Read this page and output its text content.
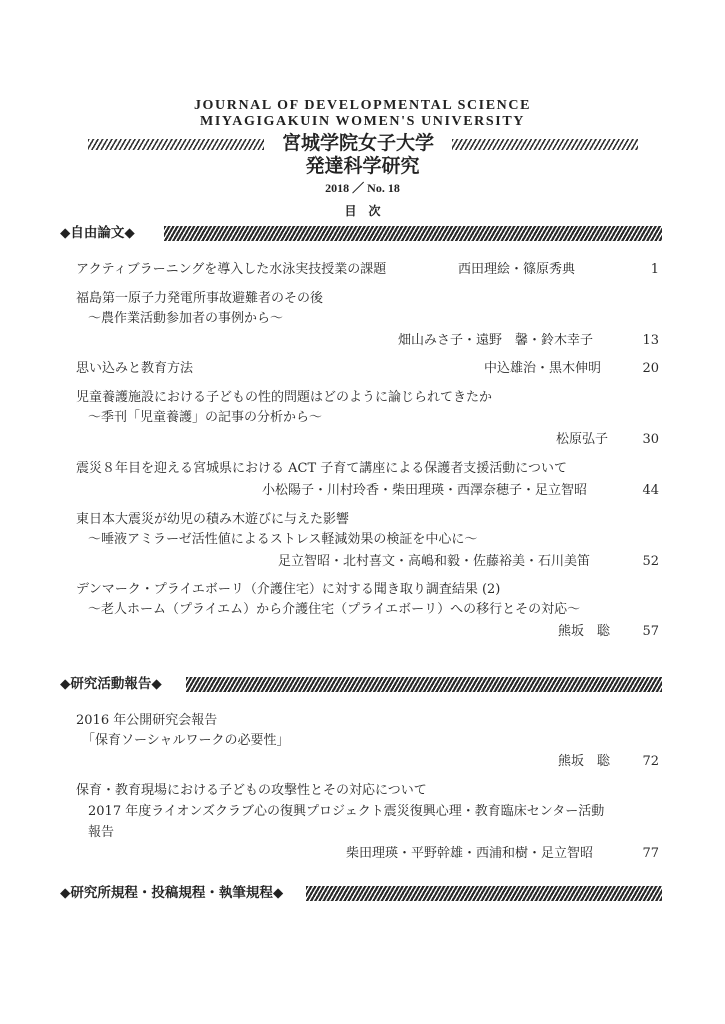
JOURNAL OF DEVELOPMENTAL SCIENCE
MIYAGIGAKUIN WOMEN'S UNIVERSITY
宮城学院女子大学
発達科学研究
2018 ／ No. 18
目　次
◆自由論文◆
アクティブラーニングを導入した水泳実技授業の課題	西田理絵・篠原秀典	1
福島第一原子力発電所事故避難者のその後
～農作業活動参加者の事例から～
畑山みさ子・遠野　馨・鈴木幸子	13
思い込みと教育方法	中込雄治・黒木伸明	20
児童養護施設における子どもの性的問題はどのように論じられてきたか
～季刊「児童養護」の記事の分析から～
松原弘子	30
震災８年目を迎える宮城県における ACT 子育て講座による保護者支援活動について
小松陽子・川村玲香・柴田理瑛・西澤奈穂子・足立智昭	44
東日本大震災が幼児の積み木遊びに与えた影響
～唾液アミラーゼ活性値によるストレス軽減効果の検証を中心に～
足立智昭・北村喜文・高嶋和毅・佐藤裕美・石川美笛	52
デンマーク・プライエボーリ（介護住宅）に対する聞き取り調査結果 (2)
～老人ホーム（プライエム）から介護住宅（プライエボーリ）への移行とその対応～
熊坂　聡	57
◆研究活動報告◆
2016 年公開研究会報告
「保育ソーシャルワークの必要性」
熊坂　聡	72
保育・教育現場における子どもの攻撃性とその対応について
2017 年度ライオンズクラブ心の復興プロジェクト震災復興心理・教育臨床センター活動
報告
柴田理瑛・平野幹雄・西浦和樹・足立智昭	77
◆研究所規程・投稿規程・執筆規程◆
